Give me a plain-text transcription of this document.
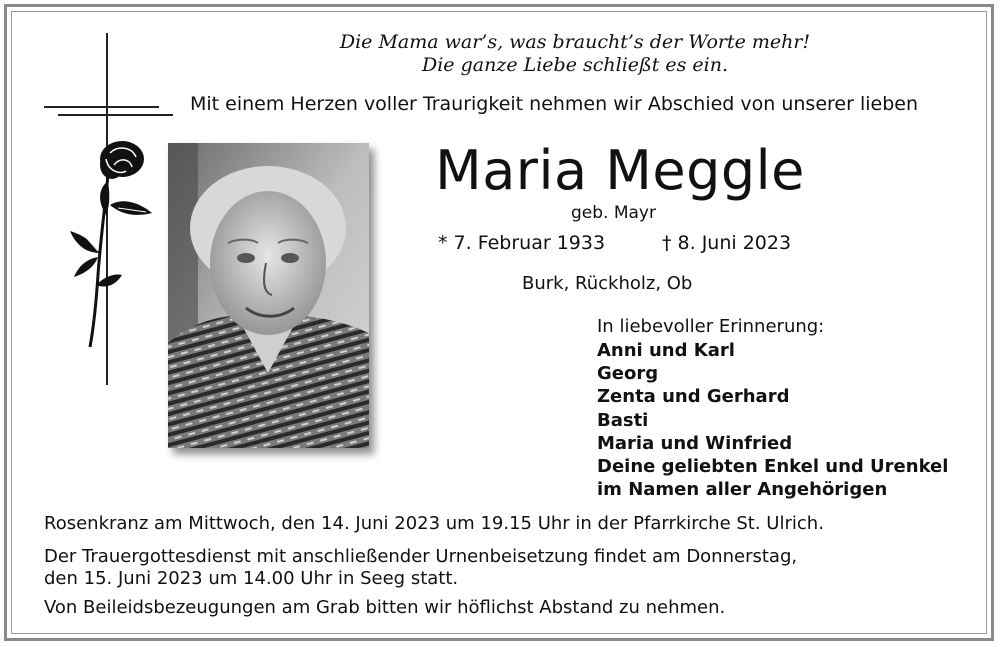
Die Mama war’s, was braucht’s der Worte mehr!
Die ganze Liebe schließt es ein.
Mit einem Herzen voller Traurigkeit nehmen wir Abschied von unserer lieben
Maria Meggle
geb. Mayr
* 7. Februar 1933	† 8. Juni 2023
Burk, Rückholz, Ob
In liebevoller Erinnerung:
Anni und Karl
Georg
Zenta und Gerhard
Basti
Maria und Winfried
Deine geliebten Enkel und Urenkel
im Namen aller Angehörigen
Rosenkranz am Mittwoch, den 14. Juni 2023 um 19.15 Uhr in der Pfarrkirche St. Ulrich.
Der Trauergottesdienst mit anschließender Urnenbeisetzung findet am Donnerstag,
den 15. Juni 2023 um 14.00 Uhr in Seeg statt.
Von Beileidsbezeugungen am Grab bitten wir höflichst Abstand zu nehmen.
